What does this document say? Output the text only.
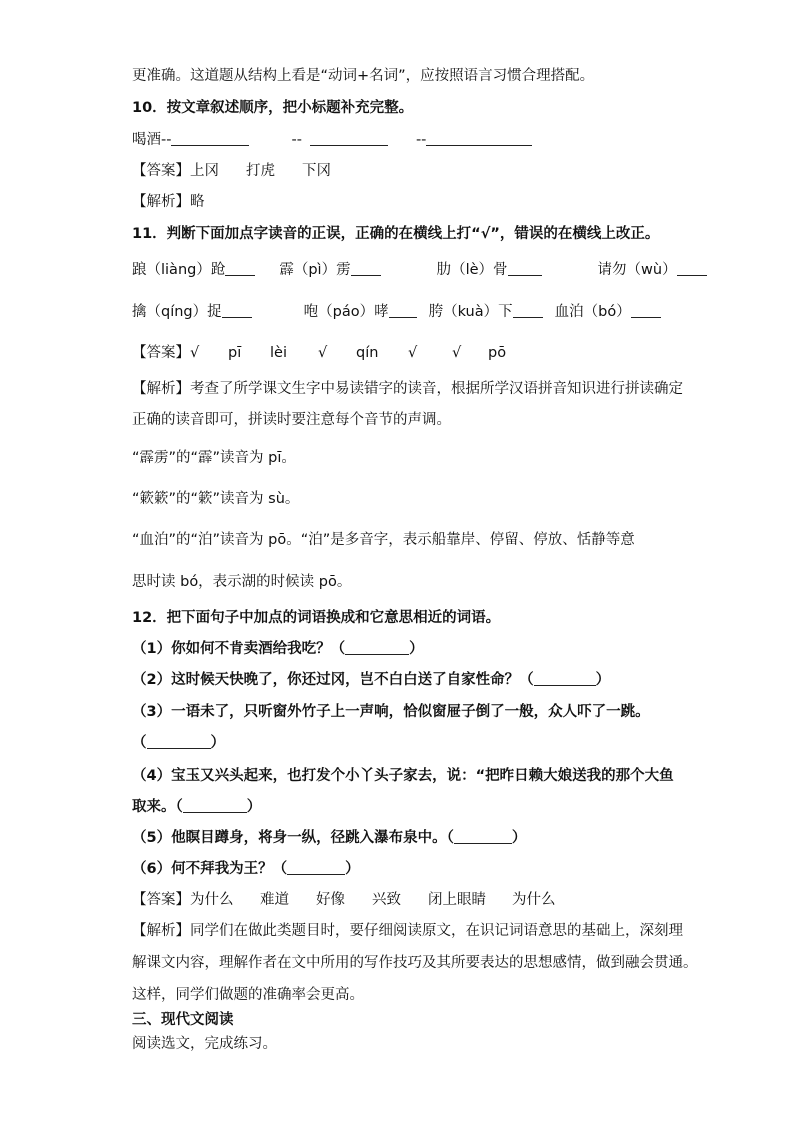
更准确。这道题从结构上看是“动词+名词”，应按照语言习惯合理搭配。
10．按文章叙述顺序，把小标题补充完整。
喝酒--	--	--
【答案】上冈 打虎 下冈
【解析】略
11．判断下面加点字读音的正误，正确的在横线上打“√”，错误的在横线上改正。
踉（liàng）跄	霹（pì）雳	肋（lè）骨	请勿（wù）
擒（qíng）捉	咆（páo）哮	胯（kuà）下	血泊（bó）
【答案】√ pī lèi √ qín √ √ pō
【解析】考查了所学课文生字中易读错字的读音，根据所学汉语拼音知识进行拼读确定
正确的读音即可，拼读时要注意每个音节的声调。
“霹雳”的“霹”读音为 pī。
“簌簌”的“簌”读音为 sù。
“血泊”的“泊”读音为 pō。“泊”是多音字，表示船靠岸、停留、停放、恬静等意
思时读 bó，表示湖的时候读 pō。
12．把下面句子中加点的词语换成和它意思相近的词语。
（1）你如何不肯卖酒给我吃？（	）
（2）这时候天快晚了，你还过冈，岂不白白送了自家性命？（	）
（3）一语未了，只听窗外竹子上一声响，恰似窗屉子倒了一般，众人吓了一跳。
（	）
（4）宝玉又兴头起来，也打发个小丫头子家去，说：“把昨日赖大娘送我的那个大鱼
取来。（	）
（5）他瞑目蹲身，将身一纵，径跳入瀑布泉中。（	）
（6）何不拜我为王？（	）
【答案】为什么 难道 好像 兴致 闭上眼睛 为什么
【解析】同学们在做此类题目时，要仔细阅读原文，在识记词语意思的基础上，深刻理
解课文内容，理解作者在文中所用的写作技巧及其所要表达的思想感情，做到融会贯通。
这样，同学们做题的准确率会更高。
三、现代文阅读
阅读选文，完成练习。
